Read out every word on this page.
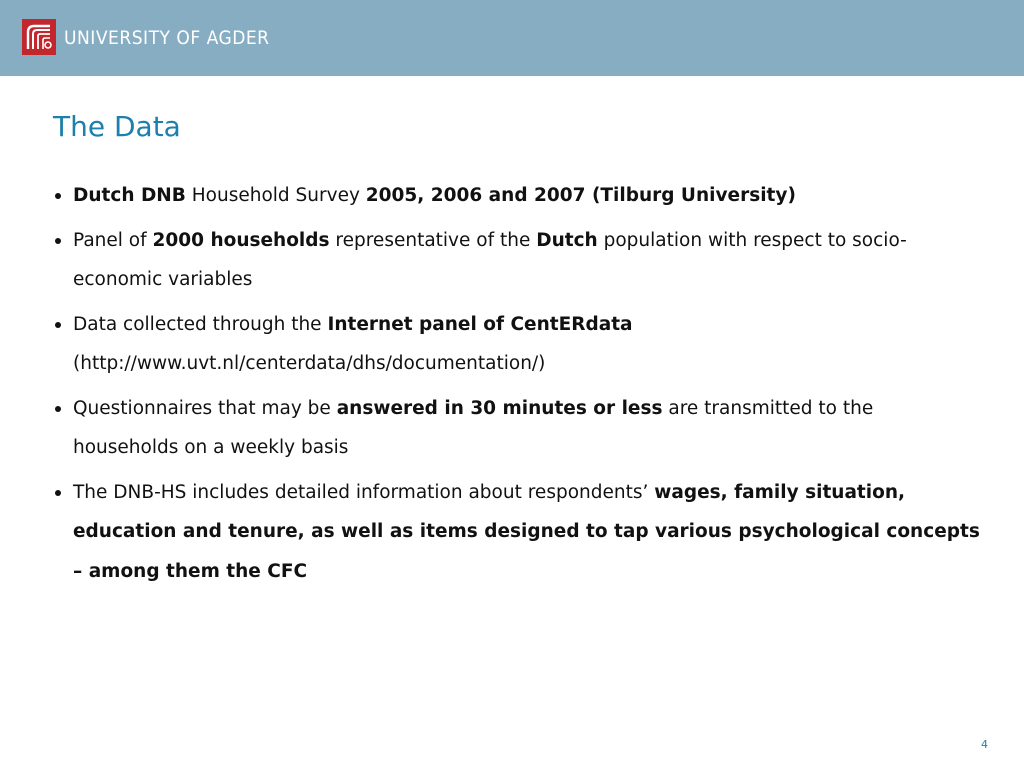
UNIVERSITY OF AGDER
The Data
Dutch DNB Household Survey 2005, 2006 and 2007 (Tilburg University)
Panel of 2000 households representative of the Dutch population with respect to socio-economic variables
Data collected through the Internet panel of CentERdata (http://www.uvt.nl/centerdata/dhs/documentation/)
Questionnaires that may be answered in 30 minutes or less are transmitted to the households on a weekly basis
The DNB-HS includes detailed information about respondents’ wages, family situation, education and tenure, as well as items designed to tap various psychological concepts – among them the CFC
4
